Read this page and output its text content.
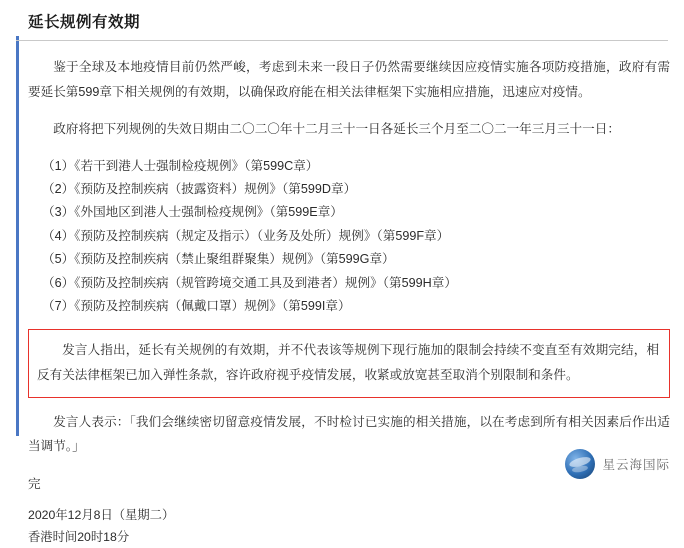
延长规例有效期

鉴于全球及本地疫情目前仍然严峻，考虑到未来一段日子仍然需要继续因应疫情实施各项防疫措施，政府有需要延长第599章下相关规例的有效期，以确保政府能在相关法律框架下实施相应措施，迅速应对疫情。

政府将把下列规例的失效日期由二〇二〇年十二月三十一日各延长三个月至二〇二一年三月三十一日：

（1）《若干到港人士强制检疫规例》（第599C章）
（2）《预防及控制疾病（披露资料）规例》（第599D章）
（3）《外国地区到港人士强制检疫规例》（第599E章）
（4）《预防及控制疾病（规定及指示）（业务及处所）规例》（第599F章）
（5）《预防及控制疾病（禁止聚组群聚集）规例》（第599G章）
（6）《预防及控制疾病（规管跨境交通工具及到港者）规例》（第599H章）
（7）《预防及控制疾病（佩戴口罩）规例》（第599I章）

发言人指出，延长有关规例的有效期，并不代表该等规例下现行施加的限制会持续不变直至有效期完结，相反有关法律框架已加入弹性条款，容许政府视乎疫情发展，收紧或放宽甚至取消个别限制和条件。

发言人表示：「我们会继续密切留意疫情发展，不时检讨已实施的相关措施，以在考虑到所有相关因素后作出适当调节。」

完

2020年12月8日（星期二）
香港时间20时18分
星云海国际
